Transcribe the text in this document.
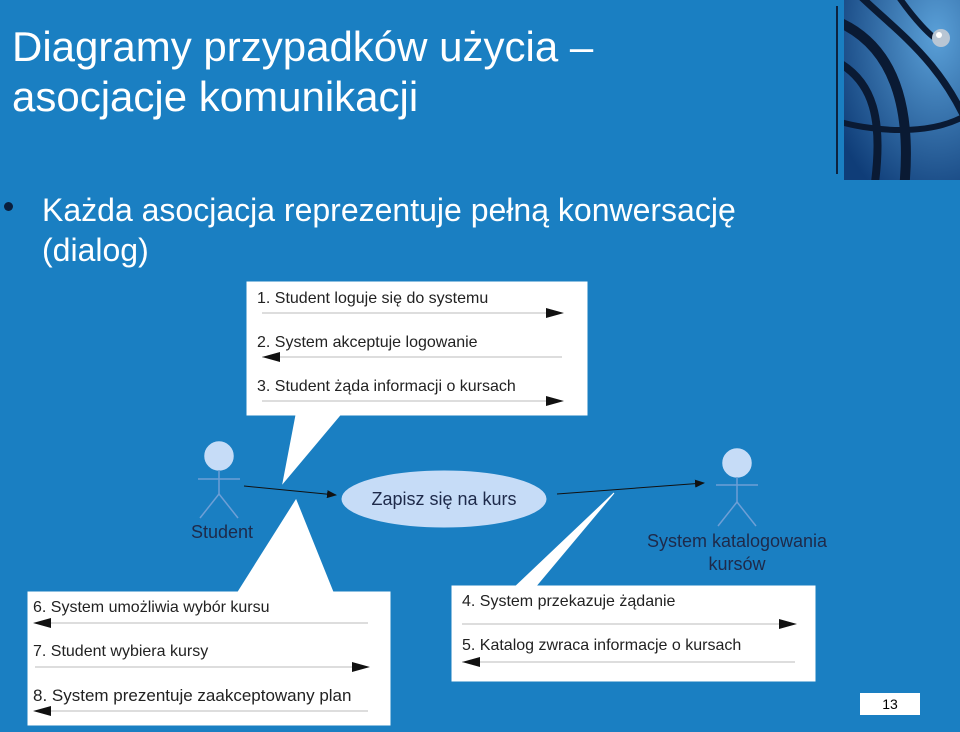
Diagramy przypadków użycia –
asocjacje komunikacji
Każda asocjacja reprezentuje pełną konwersację
(dialog)
1. Student loguje się do systemu
2. System akceptuje logowanie
3. Student żąda informacji o kursach
Student
Zapisz się na kurs
System katalogowania
kursów
6. System umożliwia wybór kursu
7. Student wybiera kursy
8. System prezentuje zaakceptowany plan
4. System przekazuje żądanie
5. Katalog zwraca informacje o kursach
13
